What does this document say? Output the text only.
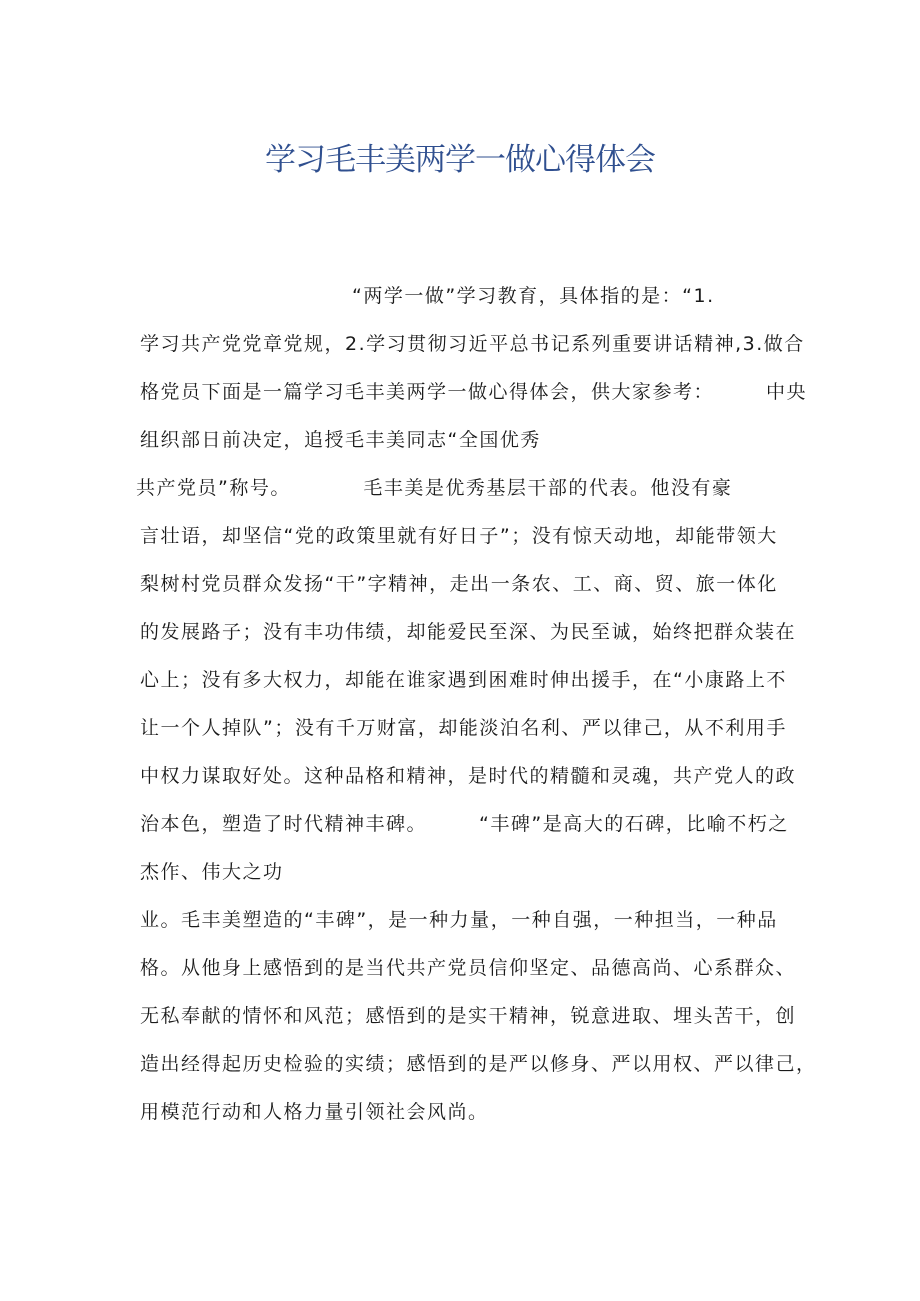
学习毛丰美两学一做心得体会

“两学一做”学习教育，具体指的是：“1.

学习共产党党章党规，2.学习贯彻习近平总书记系列重要讲话精神,3.做合

格党员下面是一篇学习毛丰美两学一做心得体会，供大家参考：　　　中央

组织部日前决定，追授毛丰美同志“全国优秀

共产党员”称号。　　　　毛丰美是优秀基层干部的代表。他没有豪

言壮语，却坚信“党的政策里就有好日子”；没有惊天动地，却能带领大

梨树村党员群众发扬“干”字精神，走出一条农、工、商、贸、旅一体化

的发展路子；没有丰功伟绩，却能爱民至深、为民至诚，始终把群众装在

心上；没有多大权力，却能在谁家遇到困难时伸出援手，在“小康路上不

让一个人掉队”；没有千万财富，却能淡泊名利、严以律己，从不利用手

中权力谋取好处。这种品格和精神，是时代的精髓和灵魂，共产党人的政

治本色，塑造了时代精神丰碑。　　　“丰碑”是高大的石碑，比喻不朽之

杰作、伟大之功

业。毛丰美塑造的“丰碑”，是一种力量，一种自强，一种担当，一种品

格。从他身上感悟到的是当代共产党员信仰坚定、品德高尚、心系群众、

无私奉献的情怀和风范；感悟到的是实干精神，锐意进取、埋头苦干，创

造出经得起历史检验的实绩；感悟到的是严以修身、严以用权、严以律己，

用模范行动和人格力量引领社会风尚。
